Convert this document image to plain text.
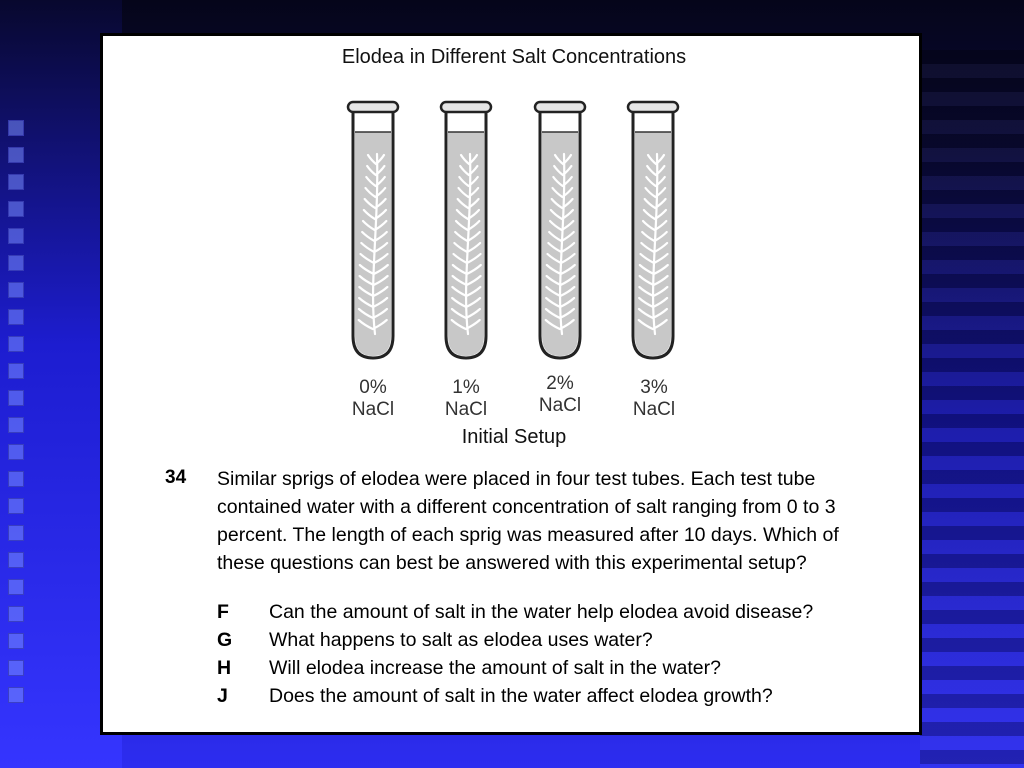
Elodea in Different Salt Concentrations
0%
NaCl
1%
NaCl
2%
NaCl
3%
NaCl
Initial Setup
34 Similar sprigs of elodea were placed in four test tubes. Each test tube contained water with a different concentration of salt ranging from 0 to 3 percent. The length of each sprig was measured after 10 days. Which of these questions can best be answered with this experimental setup?
F Can the amount of salt in the water help elodea avoid disease?
G What happens to salt as elodea uses water?
H Will elodea increase the amount of salt in the water?
J Does the amount of salt in the water affect elodea growth?
